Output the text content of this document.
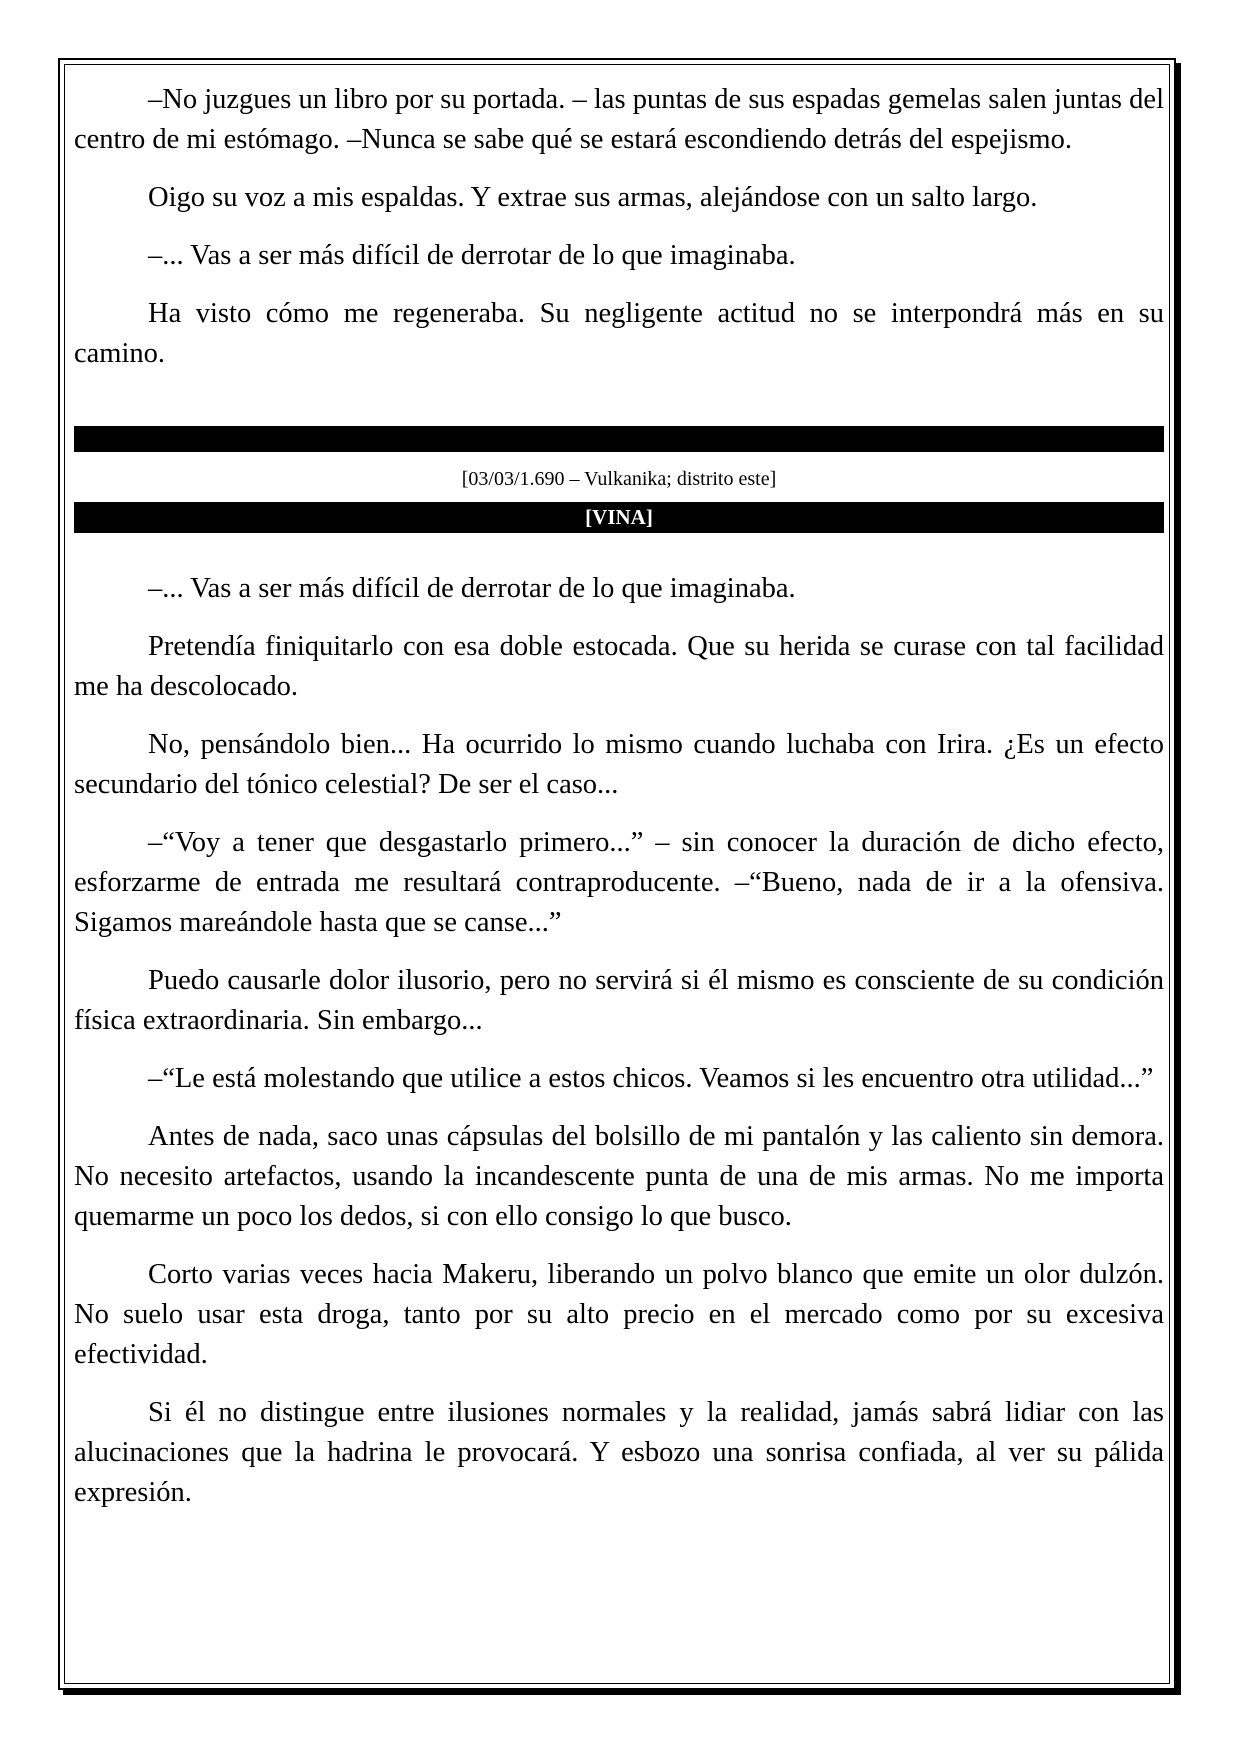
–No juzgues un libro por su portada. – las puntas de sus espadas gemelas salen juntas del centro de mi estómago. –Nunca se sabe qué se estará escondiendo detrás del espejismo.

Oigo su voz a mis espaldas. Y extrae sus armas, alejándose con un salto largo.

–... Vas a ser más difícil de derrotar de lo que imaginaba.

Ha visto cómo me regeneraba. Su negligente actitud no se interpondrá más en su camino.

[03/03/1.690 – Vulkanika; distrito este]
[VINA]

–... Vas a ser más difícil de derrotar de lo que imaginaba.

Pretendía finiquitarlo con esa doble estocada. Que su herida se curase con tal facilidad me ha descolocado.

No, pensándolo bien... Ha ocurrido lo mismo cuando luchaba con Irira. ¿Es un efecto secundario del tónico celestial? De ser el caso...

–“Voy a tener que desgastarlo primero...” – sin conocer la duración de dicho efecto, esforzarme de entrada me resultará contraproducente. –“Bueno, nada de ir a la ofensiva. Sigamos mareándole hasta que se canse...”

Puedo causarle dolor ilusorio, pero no servirá si él mismo es consciente de su condición física extraordinaria. Sin embargo...

–“Le está molestando que utilice a estos chicos. Veamos si les encuentro otra utilidad...”

Antes de nada, saco unas cápsulas del bolsillo de mi pantalón y las caliento sin demora. No necesito artefactos, usando la incandescente punta de una de mis armas. No me importa quemarme un poco los dedos, si con ello consigo lo que busco.

Corto varias veces hacia Makeru, liberando un polvo blanco que emite un olor dulzón. No suelo usar esta droga, tanto por su alto precio en el mercado como por su excesiva efectividad.

Si él no distingue entre ilusiones normales y la realidad, jamás sabrá lidiar con las alucinaciones que la hadrina le provocará. Y esbozo una sonrisa confiada, al ver su pálida expresión.
